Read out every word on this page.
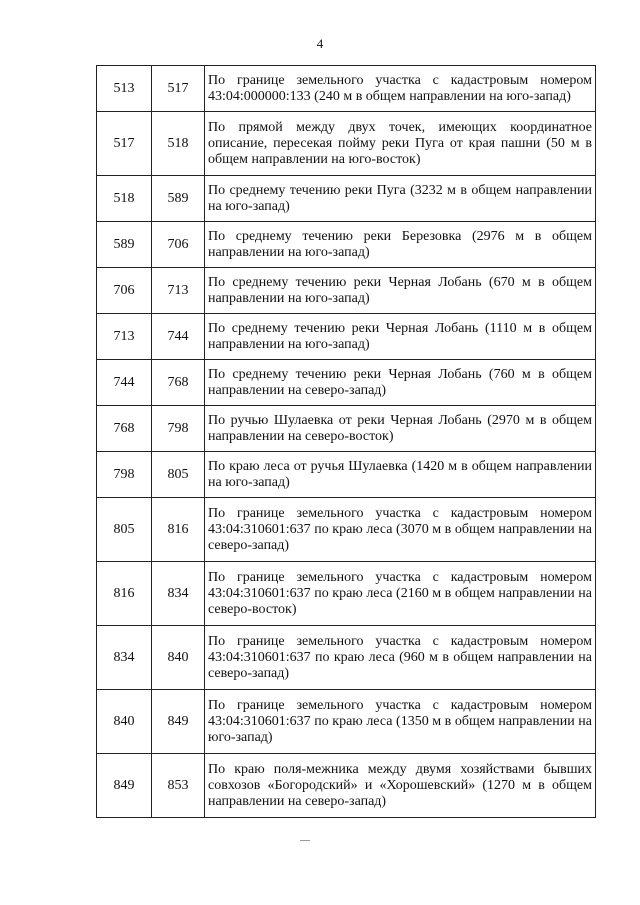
4
513	517	По границе земельного участка с кадастровым номером 43:04:000000:133 (240 м в общем направлении на юго-запад)
517	518	По прямой между двух точек, имеющих координатное описание, пересекая пойму реки Пуга от края пашни (50 м в общем направлении на юго-восток)
518	589	По среднему течению реки Пуга (3232 м в общем направлении на юго-запад)
589	706	По среднему течению реки Березовка (2976 м в общем направлении на юго-запад)
706	713	По среднему течению реки Черная Лобань (670 м в общем направлении на юго-запад)
713	744	По среднему течению реки Черная Лобань (1110 м в общем направлении на юго-запад)
744	768	По среднему течению реки Черная Лобань (760 м в общем направлении на северо-запад)
768	798	По ручью Шулаевка от реки Черная Лобань (2970 м в общем направлении на северо-восток)
798	805	По краю леса от ручья Шулаевка (1420 м в общем направлении на юго-запад)
805	816	По границе земельного участка с кадастровым номером 43:04:310601:637 по краю леса (3070 м в общем направлении на северо-запад)
816	834	По границе земельного участка с кадастровым номером 43:04:310601:637 по краю леса (2160 м в общем направлении на северо-восток)
834	840	По границе земельного участка с кадастровым номером 43:04:310601:637 по краю леса (960 м в общем направлении на северо-запад)
840	849	По границе земельного участка с кадастровым номером 43:04:310601:637 по краю леса (1350 м в общем направлении на юго-запад)
849	853	По краю поля-межника между двумя хозяйствами бывших совхозов «Богородский» и «Хорошевский» (1270 м в общем направлении на северо-запад)
